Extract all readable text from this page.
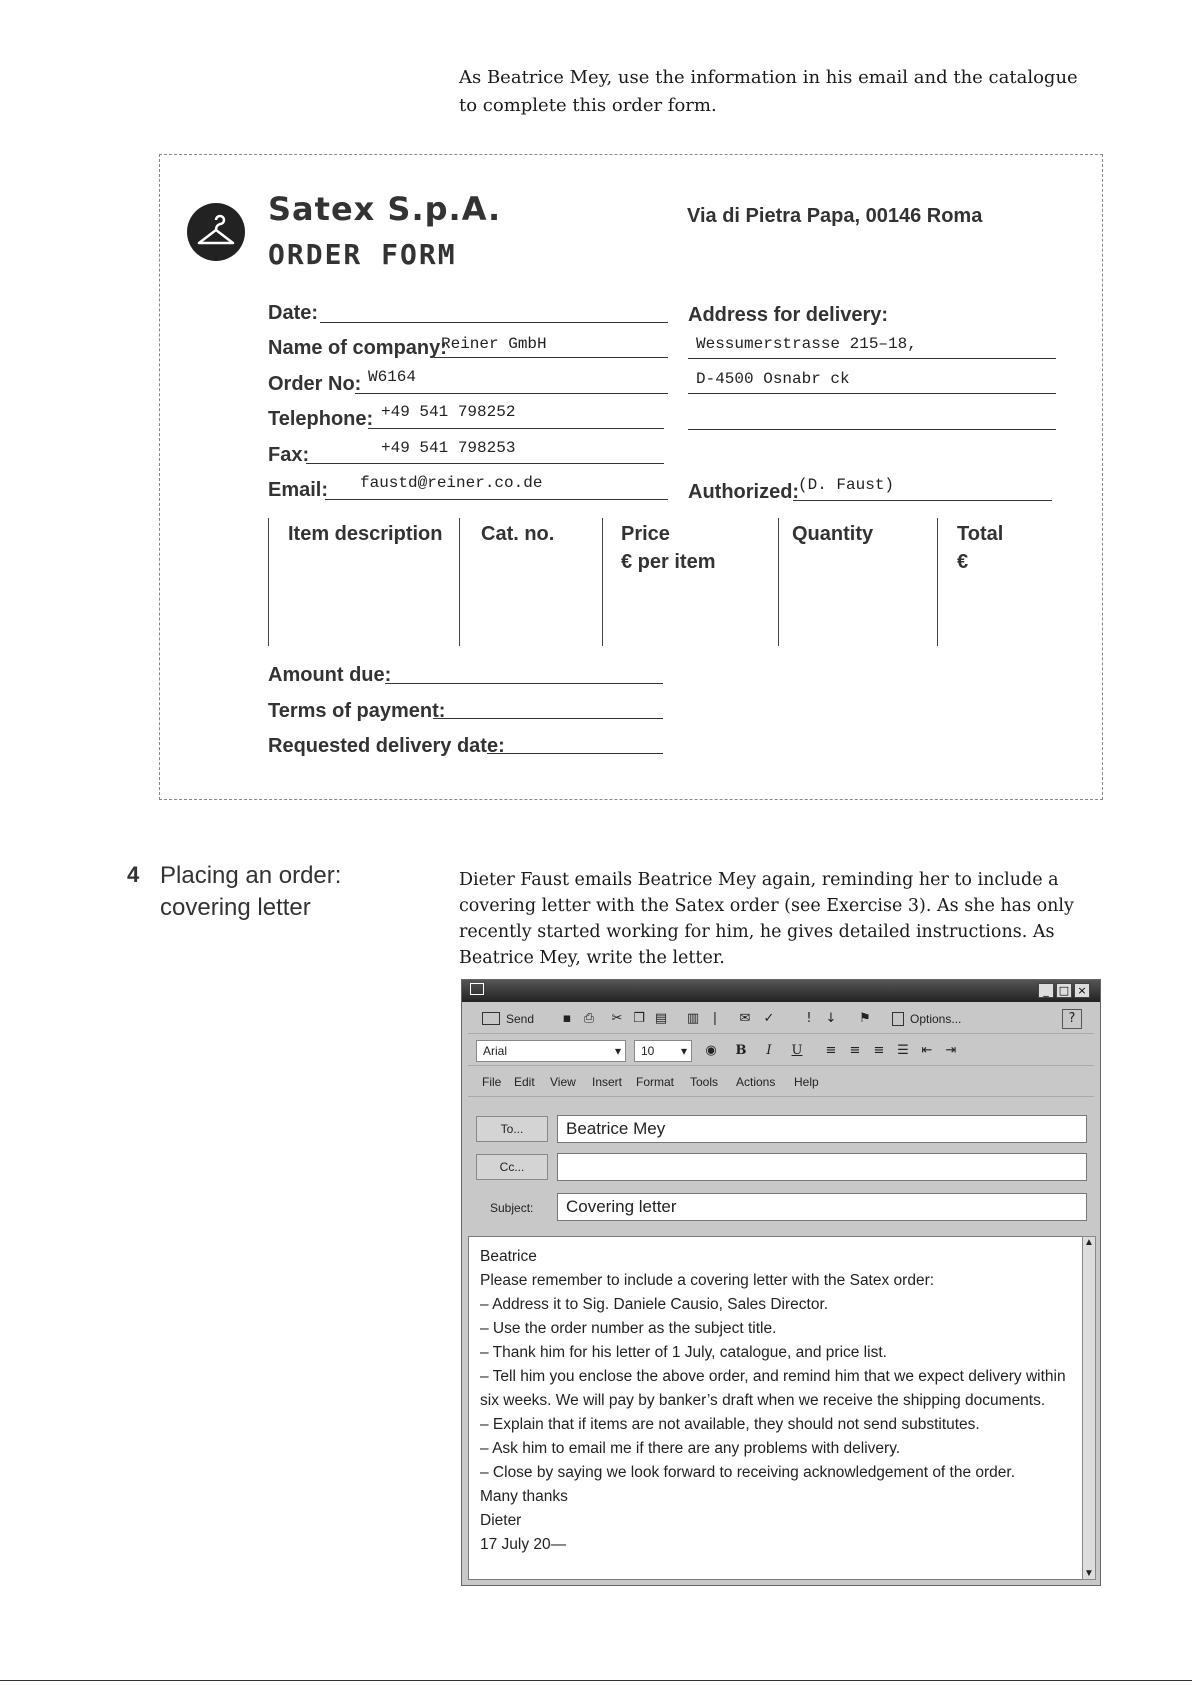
As Beatrice Mey, use the information in his email and the catalogue to complete this order form.
Satex S.p.A.
ORDER FORM
Via di Pietra Papa, 00146 Roma
Date:
Name of company:
Reiner GmbH
Order No: W6164
Telephone: +49 541 798252
Fax:	+49 541 798253
Email: faustd@reiner.co.de
Address for delivery:
Wessumerstrasse 215–18,
D-4500 Osnabr ck
Authorized:
(D. Faust)
Item description Cat. no.	Price
€ per item
Quantity	Total
€
Amount due:
Terms of payment:
Requested delivery date:
4 Placing an order: covering letter
Dieter Faust emails Beatrice Mey again, reminding her to include a covering letter with the Satex order (see Exercise 3). As she has only recently started working for him, he gives detailed instructions. As Beatrice Mey, write the letter.
_ □ ×
Send	▪ ⎙	✂ ❐ ▤	▥ ❘	✉	✓	!	↓	⚑	Options...	?
Arial	▾ 10 ▾	◉	B	I	U	≡	≡	≡ ☰ ⇤	⇥
File Edit View Insert Format Tools Actions Help
To...	Beatrice Mey
Cc...
Subject:	Covering letter
▲
▼
Beatrice
Please remember to include a covering letter with the Satex order:
– Address it to Sig. Daniele Causio, Sales Director.
– Use the order number as the subject title.
– Thank him for his letter of 1 July, catalogue, and price list.
– Tell him you enclose the above order, and remind him that we expect delivery within
six weeks. We will pay by banker’s draft when we receive the shipping documents.
– Explain that if items are not available, they should not send substitutes.
– Ask him to email me if there are any problems with delivery.
– Close by saying we look forward to receiving acknowledgement of the order.
Many thanks
Dieter
17 July 20—
